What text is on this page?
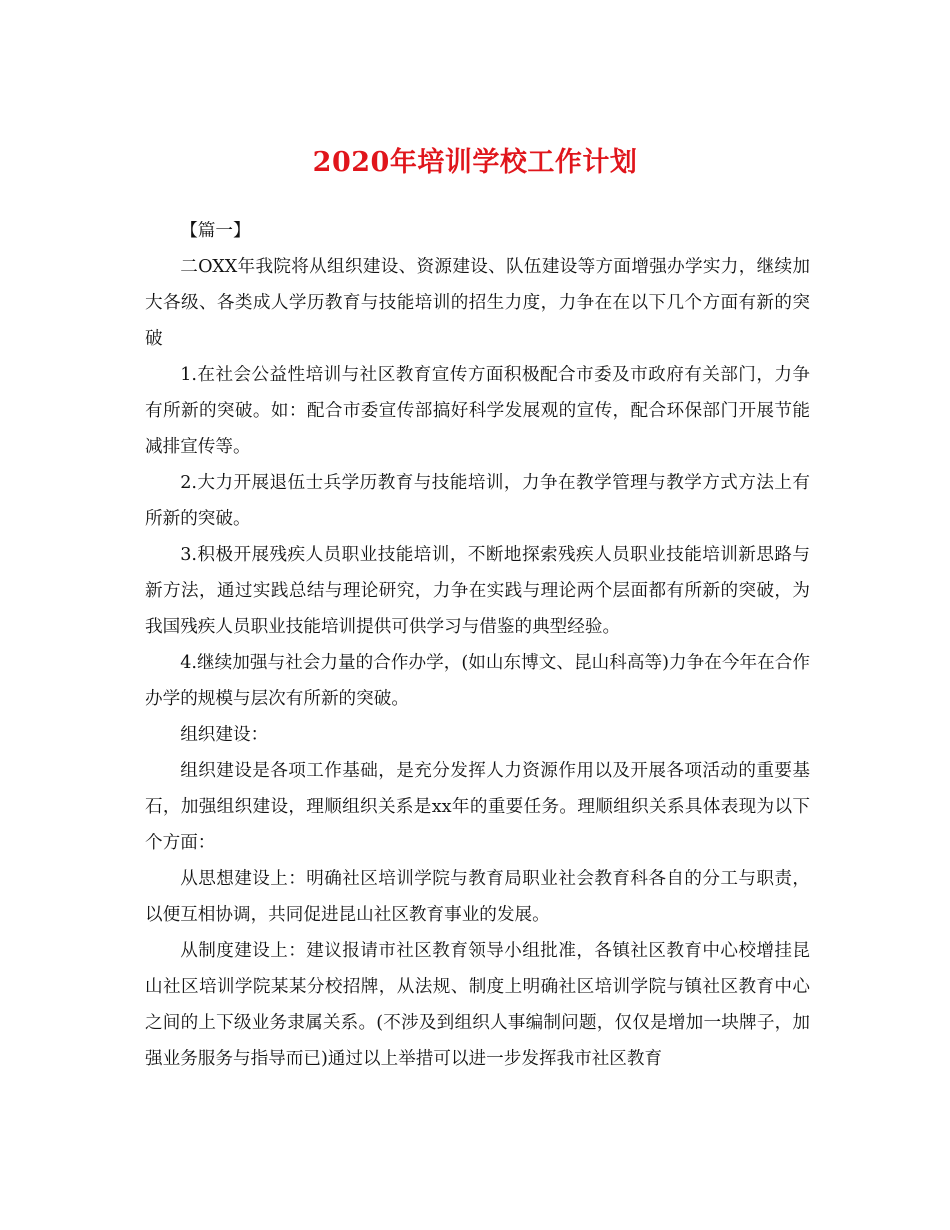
2020年培训学校工作计划

【篇一】

二OXX年我院将从组织建设、资源建设、队伍建设等方面增强办学实力，继续加大各级、各类成人学历教育与技能培训的招生力度，力争在在以下几个方面有新的突破

1.在社会公益性培训与社区教育宣传方面积极配合市委及市政府有关部门，力争有所新的突破。如：配合市委宣传部搞好科学发展观的宣传，配合环保部门开展节能减排宣传等。

2.大力开展退伍士兵学历教育与技能培训，力争在教学管理与教学方式方法上有所新的突破。

3.积极开展残疾人员职业技能培训，不断地探索残疾人员职业技能培训新思路与新方法，通过实践总结与理论研究，力争在实践与理论两个层面都有所新的突破，为我国残疾人员职业技能培训提供可供学习与借鉴的典型经验。

4.继续加强与社会力量的合作办学，(如山东博文、昆山科高等)力争在今年在合作办学的规模与层次有所新的突破。

组织建设：

组织建设是各项工作基础，是充分发挥人力资源作用以及开展各项活动的重要基石，加强组织建设，理顺组织关系是xx年的重要任务。理顺组织关系具体表现为以下个方面：

从思想建设上：明确社区培训学院与教育局职业社会教育科各自的分工与职责，以便互相协调，共同促进昆山社区教育事业的发展。

从制度建设上：建议报请市社区教育领导小组批准，各镇社区教育中心校增挂昆山社区培训学院某某分校招牌，从法规、制度上明确社区培训学院与镇社区教育中心之间的上下级业务隶属关系。(不涉及到组织人事编制问题，仅仅是增加一块牌子，加强业务服务与指导而已)通过以上举措可以进一步发挥我市社区教育
